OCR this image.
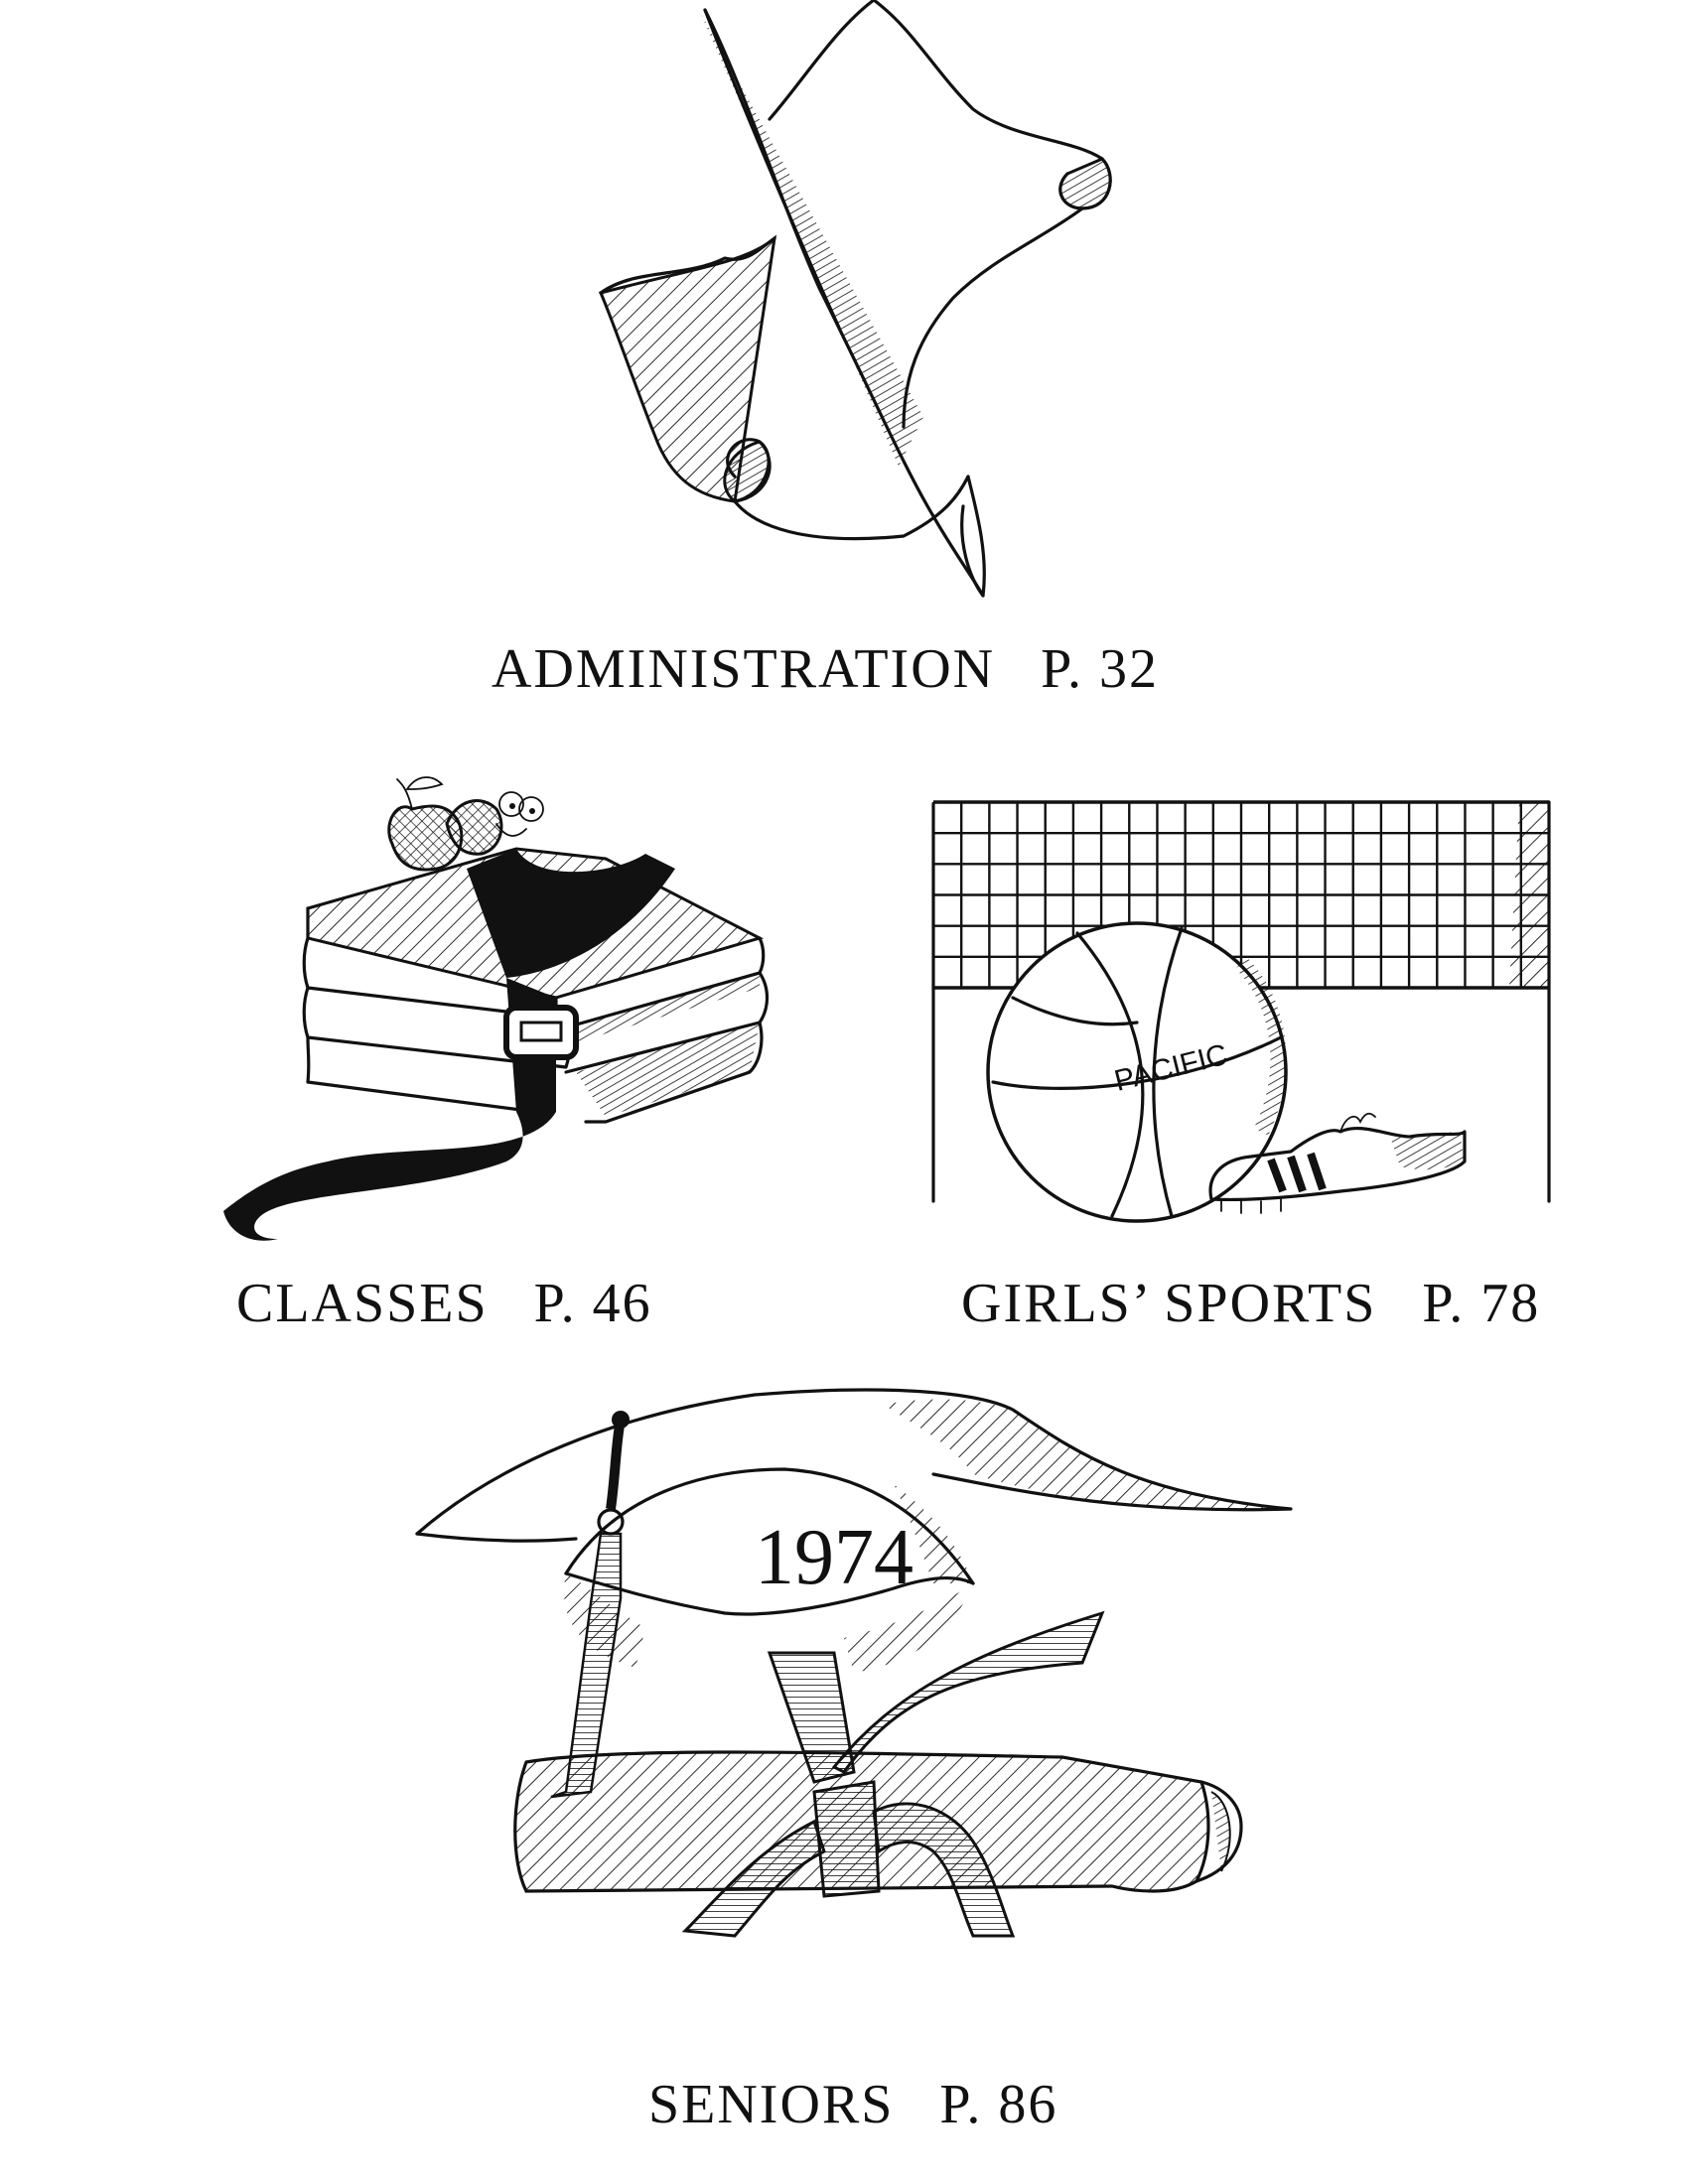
ADMINISTRATION P. 32
CLASSES P. 46
PACIFIC
GIRLS’ SPORTS P. 78
1974
SENIORS P. 86
